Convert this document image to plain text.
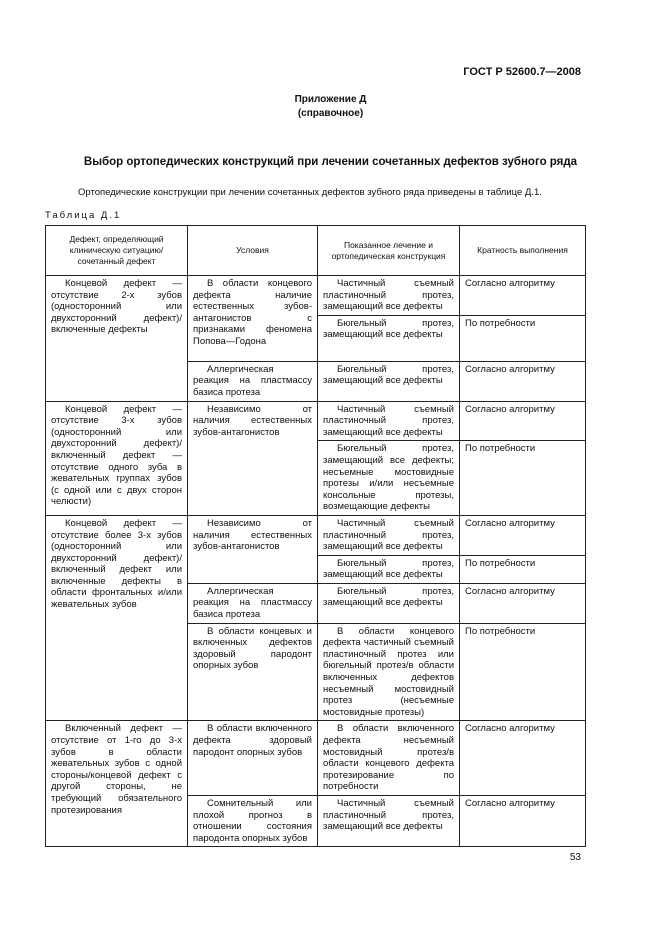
ГОСТ Р 52600.7—2008
Приложение Д
(справочное)
Выбор ортопедических конструкций при лечении сочетанных дефектов зубного ряда
Ортопедические конструкции при лечении сочетанных дефектов зубного ряда приведены в таблице Д.1.
Таблица Д.1
Дефект, определяющий клиническую ситуацию/сочетанный дефект	Условия	Показанное лечение и ортопедическая конструкция	Кратность выполнения
Концевой дефект — отсутствие 2-х зубов (односторонний или двухсторонний дефект)/включенные дефекты	В области концевого дефекта наличие естественных зубов-антагонистов с признаками феномена Попова—Годона	Частичный съемный пластиночный протез, замещающий все дефекты	Согласно алгоритму
		Бюгельный протез, замещающий все дефекты	По потребности
	Аллергическая реакция на пластмассу базиса протеза	Бюгельный протез, замещающий все дефекты	Согласно алгоритму
Концевой дефект — отсутствие 3-х зубов (односторонний или двухсторонний дефект)/включенный дефект — отсутствие одного зуба в жевательных группах зубов (с одной или с двух сторон челюсти)	Независимо от наличия естественных зубов-антагонистов	Частичный съемный пластиночный протез, замещающий все дефекты	Согласно алгоритму
		Бюгельный протез, замещающий все дефекты; несъемные мостовидные протезы и/или несъемные консольные протезы, возмещающие дефекты	По потребности
Концевой дефект — отсутствие более 3-х зубов (односторонний или двухсторонний дефект)/включенный дефект или включенные дефекты в области фронтальных и/или жевательных зубов	Независимо от наличия естественных зубов-антагонистов	Частичный съемный пластиночный протез, замещающий все дефекты	Согласно алгоритму
		Бюгельный протез, замещающий все дефекты	По потребности
	Аллергическая реакция на пластмассу базиса протеза	Бюгельный протез, замещающий все дефекты	Согласно алгоритму
	В области концевых и включенных дефектов здоровый пародонт опорных зубов	В области концевого дефекта частичный съемный пластиночный протез или бюгельный протез/в области включенных дефектов несъемный мостовидный протез (несъемные мостовидные протезы)	По потребности
Включенный дефект — отсутствие от 1-го до 3-х зубов в области жевательных зубов с одной стороны/концевой дефект с другой стороны, не требующий обязательного протезирования	В области включенного дефекта здоровый пародонт опорных зубов	В области включенного дефекта несъемный мостовидный протез/в области концевого дефекта протезирование по потребности	Согласно алгоритму
	Сомнительный или плохой прогноз в отношении состояния пародонта опорных зубов	Частичный съемный пластиночный протез, замещающий все дефекты	Согласно алгоритму
53
